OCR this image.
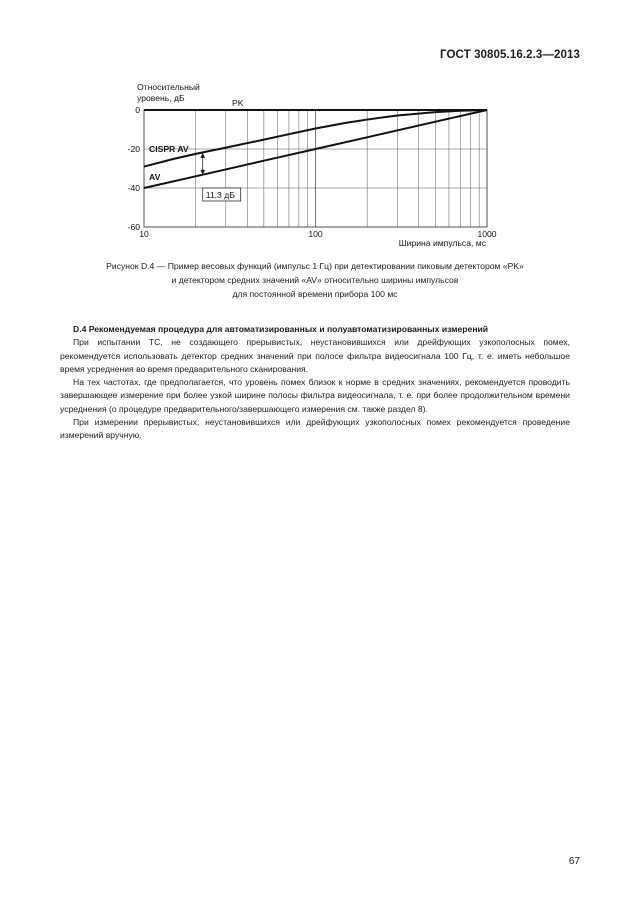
ГОСТ 30805.16.2.3—2013
11,3 дБ
PK
CISPR AV
AV
0
-20
-40
-60
10	100	1000
Относительный
уровень, дБ
Ширина импульса, мс
Рисунок D.4 — Пример весовых функций (импульс 1 Гц) при детектировании пиковым детектором «PK»
и детектором средних значений «AV» относительно ширины импульсов
для постоянной времени прибора 100 мс

D.4 Рекомендуемая процедура для автоматизированных и полуавтоматизированных измерений

При испытании ТС, не создающего прерывистых, неустановившихся или дрейфующих узкополосных помех, рекомендуется использовать детектор средних значений при полосе фильтра видеосигнала 100 Гц, т. е. иметь небольшое время усреднения во время предварительного сканирования.

На тех частотах, где предполагается, что уровень помех близок к норме в средних значениях, рекомендуется проводить завершающее измерение при более узкой ширине полосы фильтра видеосигнала, т. е. при более продолжительном времени усреднения (о процедуре предварительного/завершающего измерения см. также раздел 8).

При измерении прерывистых, неустановившихся или дрейфующих узкополосных помех рекомендуется проведение измерений вручную.

67
